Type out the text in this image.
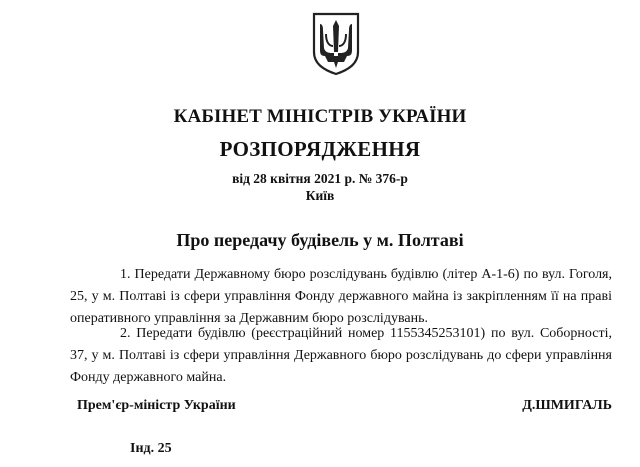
КАБІНЕТ МІНІСТРІВ УКРАЇНИ
РОЗПОРЯДЖЕННЯ
від 28 квітня 2021 р. № 376-р
Київ
Про передачу будівель у м. Полтаві
1. Передати Державному бюро розслідувань будівлю (літер А-1-6) по вул. Гоголя, 25, у м. Полтаві із сфери управління Фонду державного майна із закріпленням її на праві оперативного управління за Державним бюро розслідувань.
2. Передати будівлю (реєстраційний номер 1155345253101) по вул. Соборності, 37, у м. Полтаві із сфери управління Державного бюро розслідувань до сфери управління Фонду державного майна.
Прем'єр-міністр України	Д.ШМИГАЛЬ
Інд. 25
